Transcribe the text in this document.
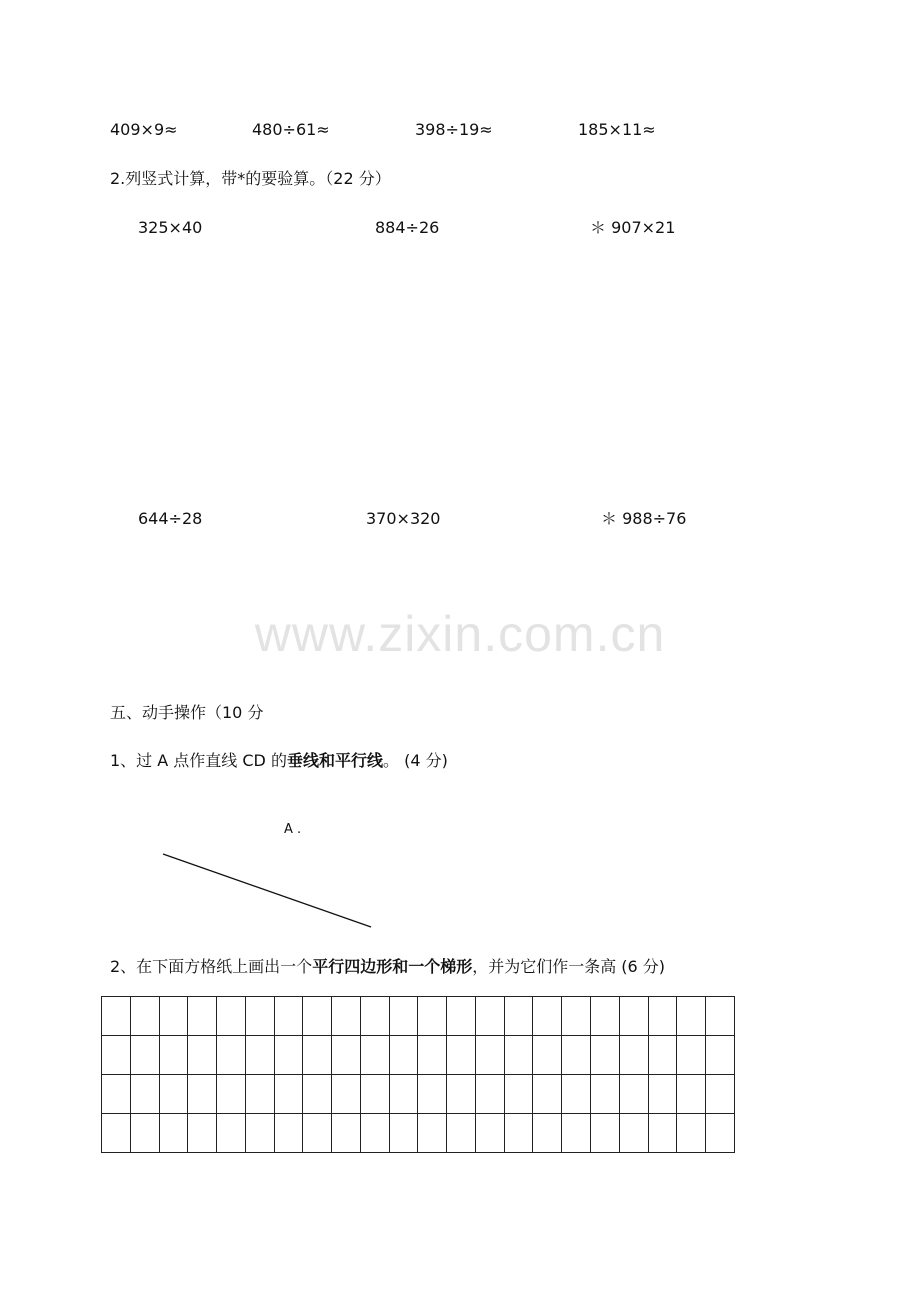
409×9≈	480÷61≈	398÷19≈	185×11≈
2.列竖式计算，带*的要验算。（22 分）
325×40	884÷26	＊ 907×21
644÷28	370×320	＊ 988÷76
www.zixin.com.cn
五、动手操作（10 分
1、过 A 点作直线 CD 的垂线和平行线。 (4 分)
A .
2、在下面方格纸上画出一个平行四边形和一个梯形，并为它们作一条高 (6 分)
